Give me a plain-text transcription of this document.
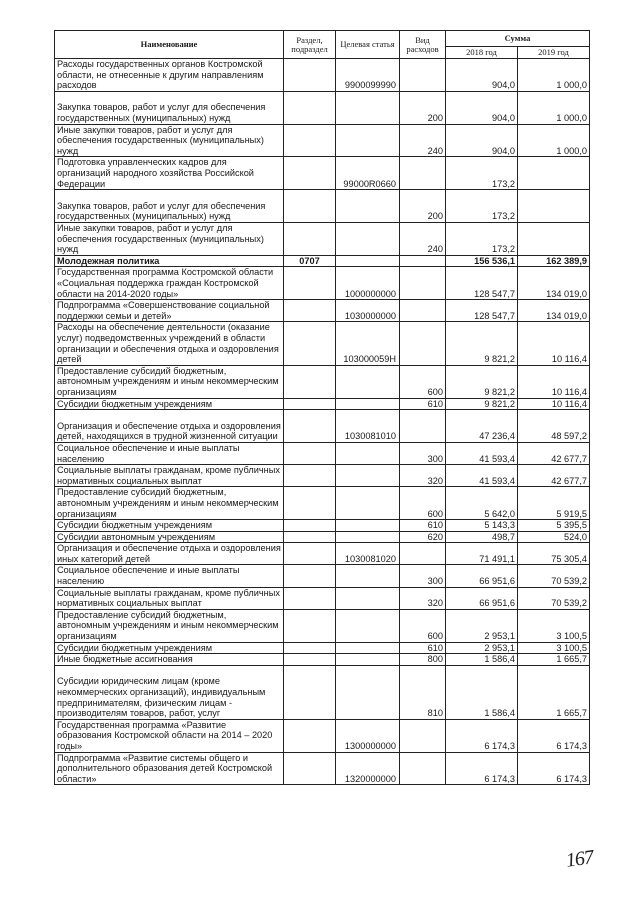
Наименование	Раздел, подраздел	Целевая статья	Вид расходов	Сумма	
				2018 год	2019 год
Расходы государственных органов Костромской области, не отнесенные к другим направлениям расходов		9900099990		904,0	1 000,0
Закупка товаров, работ и услуг для обеспечения государственных (муниципальных) нужд			200	904,0	1 000,0
Иные закупки товаров, работ и услуг для обеспечения государственных (муниципальных) нужд			240	904,0	1 000,0
Подготовка управленческих кадров для организаций народного хозяйства Российской Федерации		99000R0660		173,2	
Закупка товаров, работ и услуг для обеспечения государственных (муниципальных) нужд			200	173,2	
Иные закупки товаров, работ и услуг для обеспечения государственных (муниципальных) нужд			240	173,2	
Молодежная политика	0707			156 536,1	162 389,9
Государственная программа Костромской области «Социальная поддержка граждан Костромской области на 2014-2020 годы»		1000000000		128 547,7	134 019,0
Подпрограмма «Совершенствование социальной поддержки семьи и детей»		1030000000		128 547,7	134 019,0
Расходы на обеспечение деятельности (оказание услуг) подведомственных учреждений в области организации и обеспечения отдыха и оздоровления детей		103000059Н		9 821,2	10 116,4
Предоставление субсидий бюджетным, автономным учреждениям и иным некоммерческим организациям			600	9 821,2	10 116,4
Субсидии бюджетным учреждениям			610	9 821,2	10 116,4
Организация и обеспечение отдыха и оздоровления детей, находящихся в трудной жизненной ситуации		1030081010		47 236,4	48 597,2
Социальное обеспечение и иные выплаты населению			300	41 593,4	42 677,7
Социальные выплаты гражданам, кроме публичных нормативных социальных выплат			320	41 593,4	42 677,7
Предоставление субсидий бюджетным, автономным учреждениям и иным некоммерческим организациям			600	5 642,0	5 919,5
Субсидии бюджетным учреждениям			610	5 143,3	5 395,5
Субсидии автономным учреждениям			620	498,7	524,0
Организация и обеспечение отдыха и оздоровления иных категорий детей		1030081020		71 491,1	75 305,4
Социальное обеспечение и иные выплаты населению			300	66 951,6	70 539,2
Социальные выплаты гражданам, кроме публичных нормативных социальных выплат			320	66 951,6	70 539,2
Предоставление субсидий бюджетным, автономным учреждениям и иным некоммерческим организациям			600	2 953,1	3 100,5
Субсидии бюджетным учреждениям			610	2 953,1	3 100,5
Иные бюджетные ассигнования			800	1 586,4	1 665,7
Субсидии юридическим лицам (кроме некоммерческих организаций), индивидуальным предпринимателям, физическим лицам - производителям товаров, работ, услуг			810	1 586,4	1 665,7
Государственная программа «Развитие образования Костромской области на 2014 – 2020 годы»		1300000000		6 174,3	6 174,3
Подпрограмма «Развитие системы общего и дополнительного образования детей Костромской области»		1320000000		6 174,3	6 174,3
167
